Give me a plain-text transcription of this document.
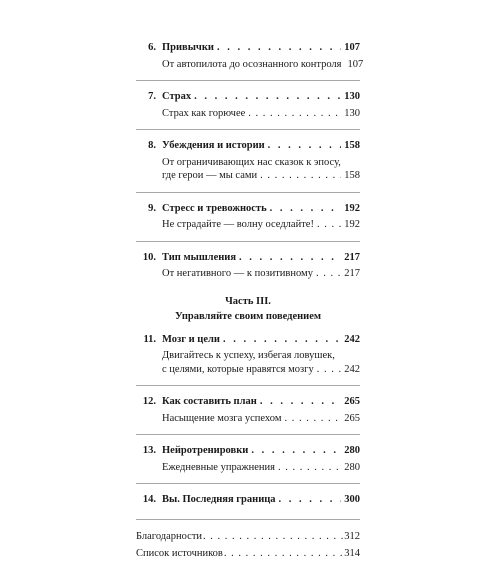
6. Привычки . . .	107
От автопилота до осознанного контроля 107
7. Страх . . .	130
Страх как горючее . . .	130
8. Убеждения и истории . . .	158
От ограничивающих нас сказок к эпосу,
где герои — мы сами . . .	158
9. Стресс и тревожность . . .	192
Не страдайте — волну оседлайте! . . .	192
10. Тип мышления . . .	217
От негативного — к позитивному . . .	217
Часть III.
Управляйте своим поведением
11. Мозг и цели . . .	242
Двигайтесь к успеху, избегая ловушек,
с целями, которые нравятся мозгу . . .	242
12. Как составить план . . .	265
Насыщение мозга успехом . . .	265
13. Нейротренировки . . .	280
Ежедневные упражнения . . .	280
14. Вы. Последняя граница . . .	300
Благодарности . . .	312
Список источников . . .	314
